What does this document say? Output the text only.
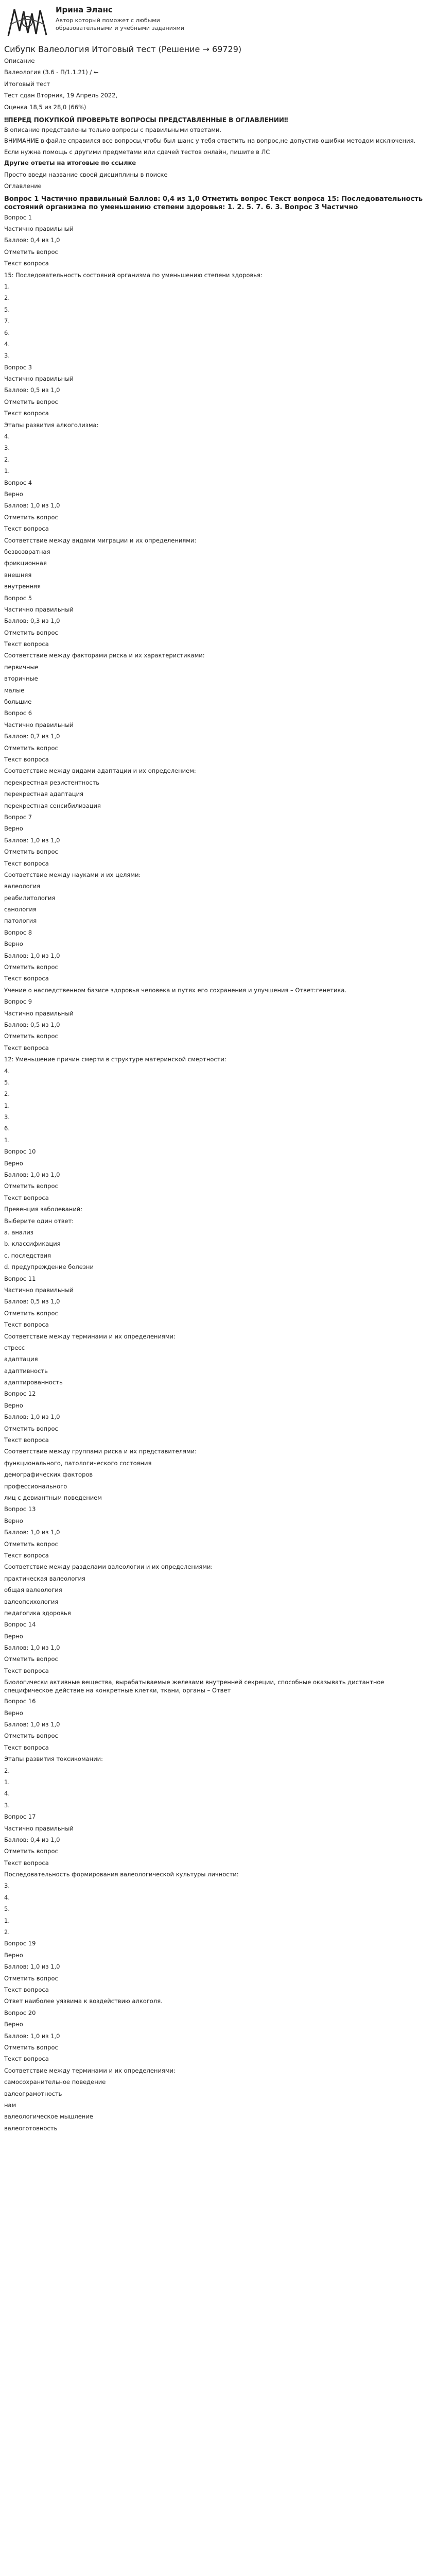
Ирина Эланс
Автор который поможет с любыми образовательными и учебными заданиями
Сибупк Валеология Итоговый тест (Решение → 69729)
Описание
Валеология (3.6 - П/1.1.21) / ←
Итоговый тест
Тест сдан Вторник, 19 Апрель 2022,
Оценка 18,5 из 28,0 (66%)
‼ПЕРЕД ПОКУПКОЙ ПРОВЕРЬТЕ ВОПРОСЫ ПРЕДСТАВЛЕННЫЕ В ОГЛАВЛЕНИИ‼
В описание представлены только вопросы с правильными ответами.
ВНИМАНИЕ в файле справился все вопросы,чтобы был шанс у тебя ответить на вопрос,не допустив ошибки методом исключения.
Если нужна помощь с другими предметами или сдачей тестов онлайн, пишите в ЛС
Другие ответы на итоговые по ссылке
Просто введи название своей дисциплины в поиске
Оглавление
Вопрос 1 Частично правильный Баллов: 0,4 из 1,0 Отметить вопрос Текст вопроса 15: Последовательность состояний организма по уменьшению степени здоровья: 1. 2. 5. 7. 6. 3. Вопрос 3 Частично
Вопрос 1
Частично правильный
Баллов: 0,4 из 1,0
Отметить вопрос
Текст вопроса
15: Последовательность состояний организма по уменьшению степени здоровья:
1.
2.
5.
7.
6.
4.
3.
Вопрос 3
Частично правильный
Баллов: 0,5 из 1,0
Отметить вопрос
Текст вопроса
Этапы развития алкоголизма:
4.
3.
2.
1.
Вопрос 4
Верно
Баллов: 1,0 из 1,0
Отметить вопрос
Текст вопроса
Соответствие между видами миграции и их определениями:
безвозвратная
фрикционная
внешняя
внутренняя
Вопрос 5
Частично правильный
Баллов: 0,3 из 1,0
Отметить вопрос
Текст вопроса
Соответствие между факторами риска и их характеристиками:
первичные
вторичные
малые
большие
Вопрос 6
Частично правильный
Баллов: 0,7 из 1,0
Отметить вопрос
Текст вопроса
Соответствие между видами адаптации и их определением:
перекрестная резистентность
перекрестная адаптация
перекрестная сенсибилизация
Вопрос 7
Верно
Баллов: 1,0 из 1,0
Отметить вопрос
Текст вопроса
Соответствие между науками и их целями:
валеология
реабилитология
санология
патология
Вопрос 8
Верно
Баллов: 1,0 из 1,0
Отметить вопрос
Текст вопроса
Учение о наследственном базисе здоровья человека и путях его сохранения и улучшения – Ответ:генетика.
Вопрос 9
Частично правильный
Баллов: 0,5 из 1,0
Отметить вопрос
Текст вопроса
12: Уменьшение причин смерти в структуре материнской смертности:
4.
5.
2.
1.
3.
6.
1.
Вопрос 10
Верно
Баллов: 1,0 из 1,0
Отметить вопрос
Текст вопроса
Превенция заболеваний:
Выберите один ответ:
a. анализ
b. классификация
c. последствия
d. предупреждение болезни
Вопрос 11
Частично правильный
Баллов: 0,5 из 1,0
Отметить вопрос
Текст вопроса
Соответствие между терминами и их определениями:
стресс
адаптация
адаптивность
адаптированность
Вопрос 12
Верно
Баллов: 1,0 из 1,0
Отметить вопрос
Текст вопроса
Соответствие между группами риска и их представителями:
функционального, патологического состояния
демографических факторов
профессионального
лиц с девиантным поведением
Вопрос 13
Верно
Баллов: 1,0 из 1,0
Отметить вопрос
Текст вопроса
Соответствие между разделами валеологии и их определениями:
практическая валеология
общая валеология
валеопсихология
педагогика здоровья
Вопрос 14
Верно
Баллов: 1,0 из 1,0
Отметить вопрос
Текст вопроса
Биологически активные вещества, вырабатываемые железами внутренней секреции, способные оказывать дистантное специфическое действие на конкретные клетки, ткани, органы – Ответ
Вопрос 16
Верно
Баллов: 1,0 из 1,0
Отметить вопрос
Текст вопроса
Этапы развития токсикомании:
2.
1.
4.
3.
Вопрос 17
Частично правильный
Баллов: 0,4 из 1,0
Отметить вопрос
Текст вопроса
Последовательность формирования валеологической культуры личности:
3.
4.
5.
1.
2.
Вопрос 19
Верно
Баллов: 1,0 из 1,0
Отметить вопрос
Текст вопроса
Ответ наиболее уязвима к воздействию алкоголя.
Вопрос 20
Верно
Баллов: 1,0 из 1,0
Отметить вопрос
Текст вопроса
Соответствие между терминами и их определениями:
самосохранительное поведение
валеограмотность
нам
валеологическое мышление
валеоготовность
